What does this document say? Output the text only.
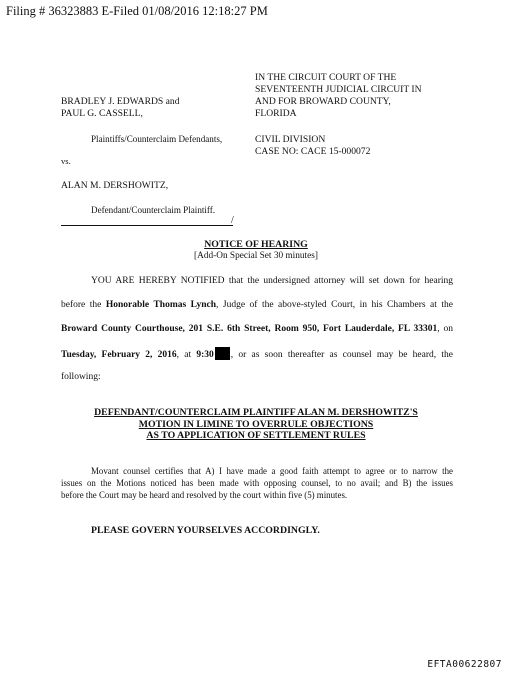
Filing # 36323883 E-Filed 01/08/2016 12:18:27 PM
IN THE CIRCUIT COURT OF THE
SEVENTEENTH JUDICIAL CIRCUIT IN
AND FOR BROWARD COUNTY,
FLORIDA
BRADLEY J. EDWARDS and
PAUL G. CASSELL,
Plaintiffs/Counterclaim Defendants,	CIVIL DIVISION
CASE NO: CACE 15-000072
vs.
ALAN M. DERSHOWITZ,
Defendant/Counterclaim Plaintiff.
/
NOTICE OF HEARING
[Add-On Special Set 30 minutes]
YOU ARE HEREBY NOTIFIED that the undersigned attorney will set down for hearing
before the Honorable Thomas Lynch, Judge of the above-styled Court, in his Chambers at the
Broward County Courthouse, 201 S.E. 6th Street, Room 950, Fort Lauderdale, FL 33301, on
Tuesday, February 2, 2016, at 9:30 , or as soon thereafter as counsel may be heard, the
following:
DEFENDANT/COUNTERCLAIM PLAINTIFF ALAN M. DERSHOWITZ'S
MOTION IN LIMINE TO OVERRULE OBJECTIONS
AS TO APPLICATION OF SETTLEMENT RULES
Movant counsel certifies that A) I have made a good faith attempt to agree or to narrow the
issues on the Motions noticed has been made with opposing counsel, to no avail; and B) the issues
before the Court may be heard and resolved by the court within five (5) minutes.
PLEASE GOVERN YOURSELVES ACCORDINGLY.
EFTA00622807
